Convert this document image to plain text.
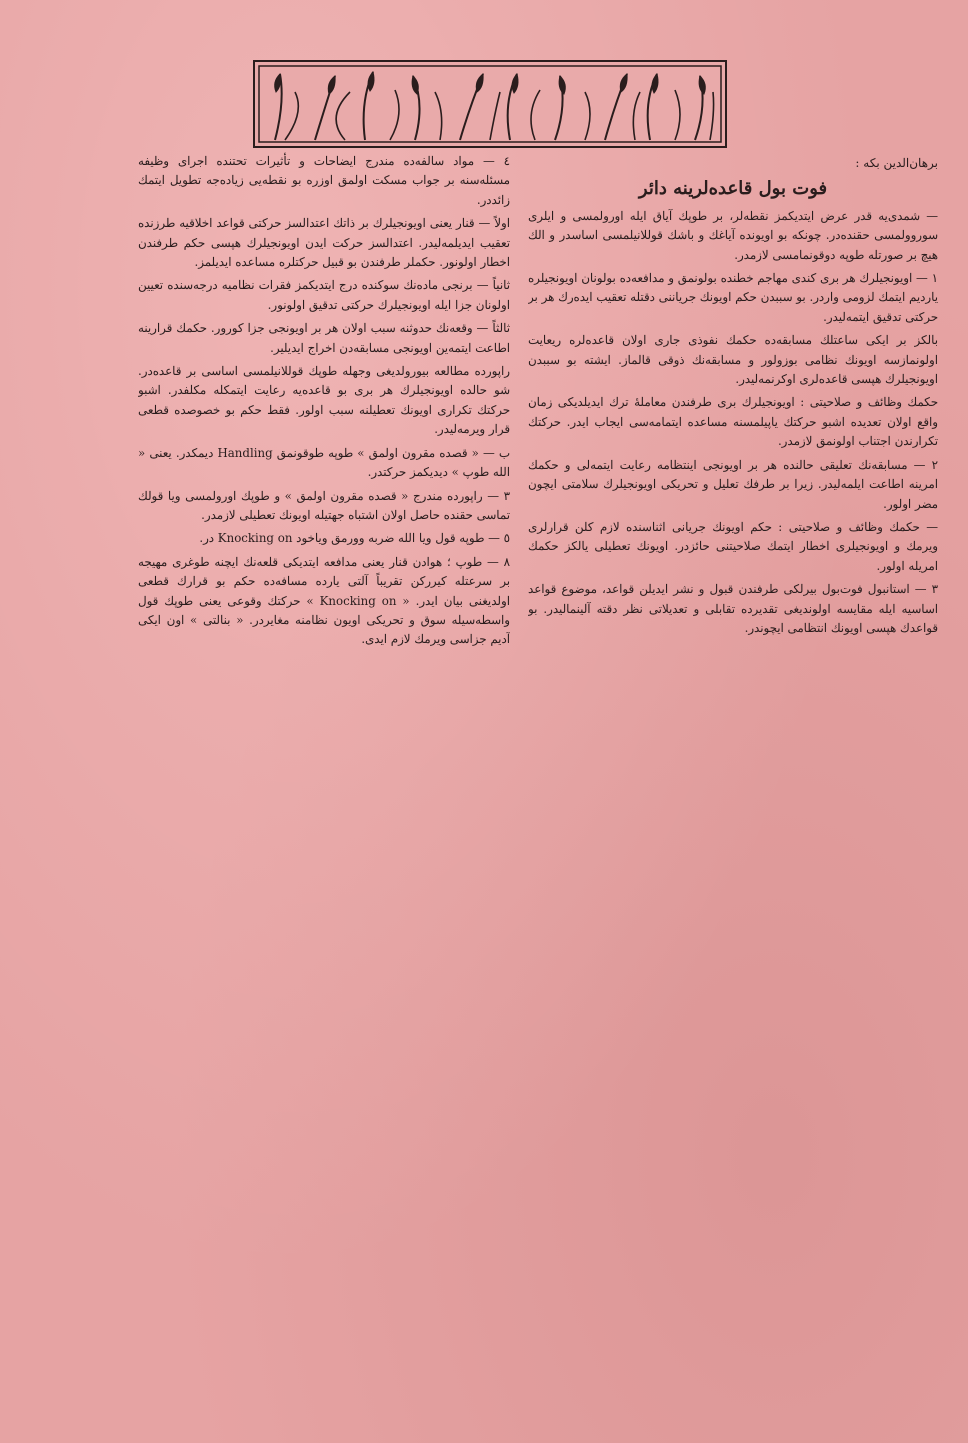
برهان‌الدین بکه :
فوت بول قاعده‌لرینه دائر

— شمدی‌یه قدر عرض ایتدیکمز نقطه‌لر، بر طوپك آیاق ایله اورولمسی و ایلری سوروولمسی حقنده‌در. چونکه بو اویونده آیاغك و باشك قوللانیلمسی اساسدر و الك هیچ بر صورتله طوپه دوقونمامسی لازمدر.

١ — اویونجیلرك هر بری کندی مهاجم خطنده بولونمق و مدافعه‌ده بولونان اویونجیلره یاردیم ایتمك لزومی واردر. بو سببدن حکم اویونك جریاننی دقتله تعقیب ایده‌رك هر بر حرکتی تدقیق ایتمه‌لیدر.

بالکز بر ایکی ساعتلك مسابقه‌ده حکمك نفوذی جاری اولان قاعده‌لره ریعایت اولونمازسه اویونك نظامی بوزولور و مسابقه‌نك ذوقی قالماز. ایشته بو سببدن اویونجیلرك هپسی قاعده‌لری اوکرنمه‌لیدر.

حکمك وظائف و صلاحیتی : اویونجیلرك بری طرفندن معاملهٔ ترك ایدیلدیکی زمان واقع اولان تعدیده اشبو حرکتك یاپیلمسنه مساعده ایتمامه‌سی ایجاب ایدر. حرکتك تکرارندن اجتناب اولونمق لازمدر.

٢ — مسابقه‌نك تعلیقی حالنده هر بر اویونجی اینتظامه رعایت ایتمه‌لی و حکمك امرینه اطاعت ایلمه‌لیدر. زیرا بر طرفك تعلیل و تحریکی اویونجیلرك سلامتی ایچون مضر اولور.

— حکمك وظائف و صلاحیتی : حکم اویونك جریانی اثناسنده لازم کلن قرارلری ویرمك و اویونجیلری اخطار ایتمك صلاحیتنی حائزدر. اویونك تعطیلی یالکز حکمك امریله اولور.

٣ — استانبول فوت‌بول بیرلکی طرفندن قبول و نشر ایدیلن قواعد، موضوع قواعد اساسیه ایله مقایسه اولوندیغی تقدیرده تقابلی و تعدیلاتی نظر دقته آلینمالیدر. بو قواعدك هپسی اویونك انتظامی ایچوندر.

٤ — مواد سالفه‌ده مندرج ایضاحات و تأثیرات تحتنده اجرای وظیفه مسئله‌سنه بر جواب مسکت اولمق اوزره بو نقطه‌یی زیاده‌جه تطویل ایتمك زائددر.

اولاً — قنار یعنی اویونجیلرك بر ذاتك اعتدالسز حرکتی قواعد اخلاقیه طرزنده تعقیب ایدیلمه‌لیدر. اعتدالسز حرکت ایدن اویونجیلرك هپسی حکم طرفندن اخطار اولونور. حکملر طرفندن بو قبیل حرکتلره مساعده ایدیلمز.

ثانیاً — برنجی ماده‌نك سوکنده درج ایتدیکمز فقرات نظامیه درجه‌سنده تعیین اولونان جزا ایله اویونجیلرك حرکتی تدقیق اولونور.

ثالثاً — وقعه‌نك حدوثنه سبب اولان هر بر اویونجی جزا کورور. حکمك قرارینه اطاعت ایتمه‌ین اویونجی مسابقه‌دن اخراج ایدیلیر.

راپورده مطالعه بیورولدیغی وجهله طوپك قوللانیلمسی اساسی بر قاعده‌در. شو حالده اویونجیلرك هر بری بو قاعده‌یه رعایت ایتمکله مکلفدر. اشبو حرکتك تکراری اویونك تعطیلنه سبب اولور. فقط حکم بو خصوصده قطعی قرار ویرمه‌لیدر.

ب — « قصده مقرون اولمق » طوپه طوقونمق Handling دیمکدر. یعنی « الله طوپ » دیدیکمز حرکتدر.

٣ — راپورده مندرج « قصده مقرون اولمق » و طوپك اورولمسی ویا قولك تماسی حقنده حاصل اولان اشتباه جهتیله اویونك تعطیلی لازمدر.

٥ — طوپه قول ویا الله ضربه وورمق ویاخود Knocking on در.

٨ — طوپ ؛ هوادن قنار یعنی مدافعه ایتدیکی قلعه‌نك ایچنه طوغری مهیجه بر سرعتله کیررکن تقریباً آلتی یارده مسافه‌ده حکم بو قرارك قطعی اولدیغنی بیان ایدر. « Knocking on » حرکتك وقوعی یعنی طوپك قول واسطه‌سیله سوق و تحریکی اویون نظامنه مغایردر. « بنالتی » اون ایکی آدیم جزاسی ویرمك لازم ایدی.
